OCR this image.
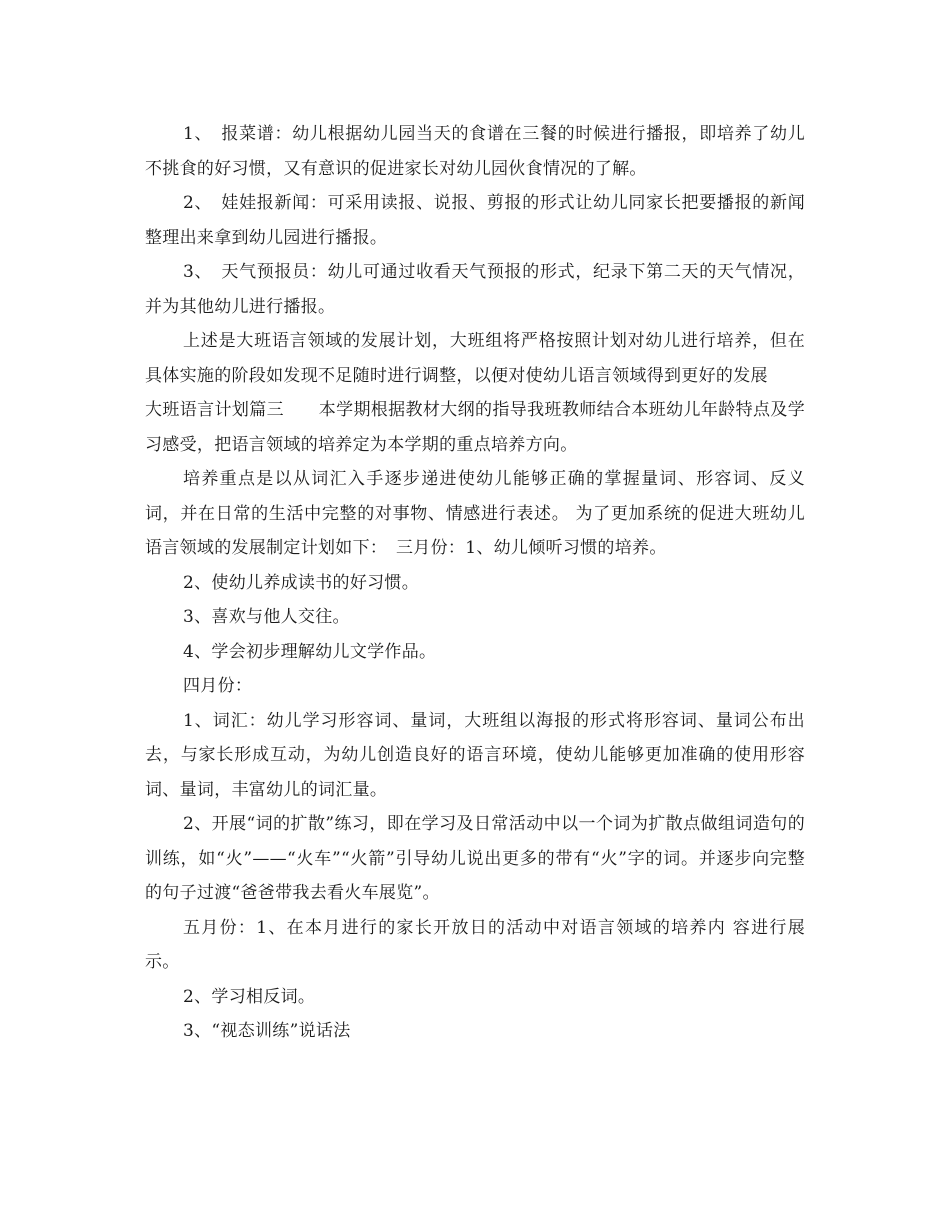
1、　报菜谱：幼儿根据幼儿园当天的食谱在三餐的时候进行播报，即培养了幼儿不挑食的好习惯，又有意识的促进家长对幼儿园伙食情况的了解。

2、　娃娃报新闻：可采用读报、说报、剪报的形式让幼儿同家长把要播报的新闻整理出来拿到幼儿园进行播报。

3、　天气预报员：幼儿可通过收看天气预报的形式，纪录下第二天的天气情况，并为其他幼儿进行播报。

上述是大班语言领域的发展计划，大班组将严格按照计划对幼儿进行培养，但在具体实施的阶段如发现不足随时进行调整，以便对使幼儿语言领域得到更好的发展

大班语言计划篇三　　本学期根据教材大纲的指导我班教师结合本班幼儿年龄特点及学习感受，把语言领域的培养定为本学期的重点培养方向。

培养重点是以从词汇入手逐步递进使幼儿能够正确的掌握量词、形容词、反义词，并在日常的生活中完整的对事物、情感进行表述。 为了更加系统的促进大班幼儿语言领域的发展制定计划如下：　三月份：1、幼儿倾听习惯的培养。

2、使幼儿养成读书的好习惯。

3、喜欢与他人交往。

4、学会初步理解幼儿文学作品。

四月份：

1、词汇：幼儿学习形容词、量词，大班组以海报的形式将形容词、量词公布出去，与家长形成互动，为幼儿创造良好的语言环境，使幼儿能够更加准确的使用形容词、量词，丰富幼儿的词汇量。

2、开展“词的扩散”练习，即在学习及日常活动中以一个词为扩散点做组词造句的训练，如“火”——“火车”“火箭”引导幼儿说出更多的带有“火”字的词。并逐步向完整的句子过渡“爸爸带我去看火车展览”。

五月份：1、在本月进行的家长开放日的活动中对语言领域的培养内 容进行展示。

2、学习相反词。

3、“视态训练”说话法
